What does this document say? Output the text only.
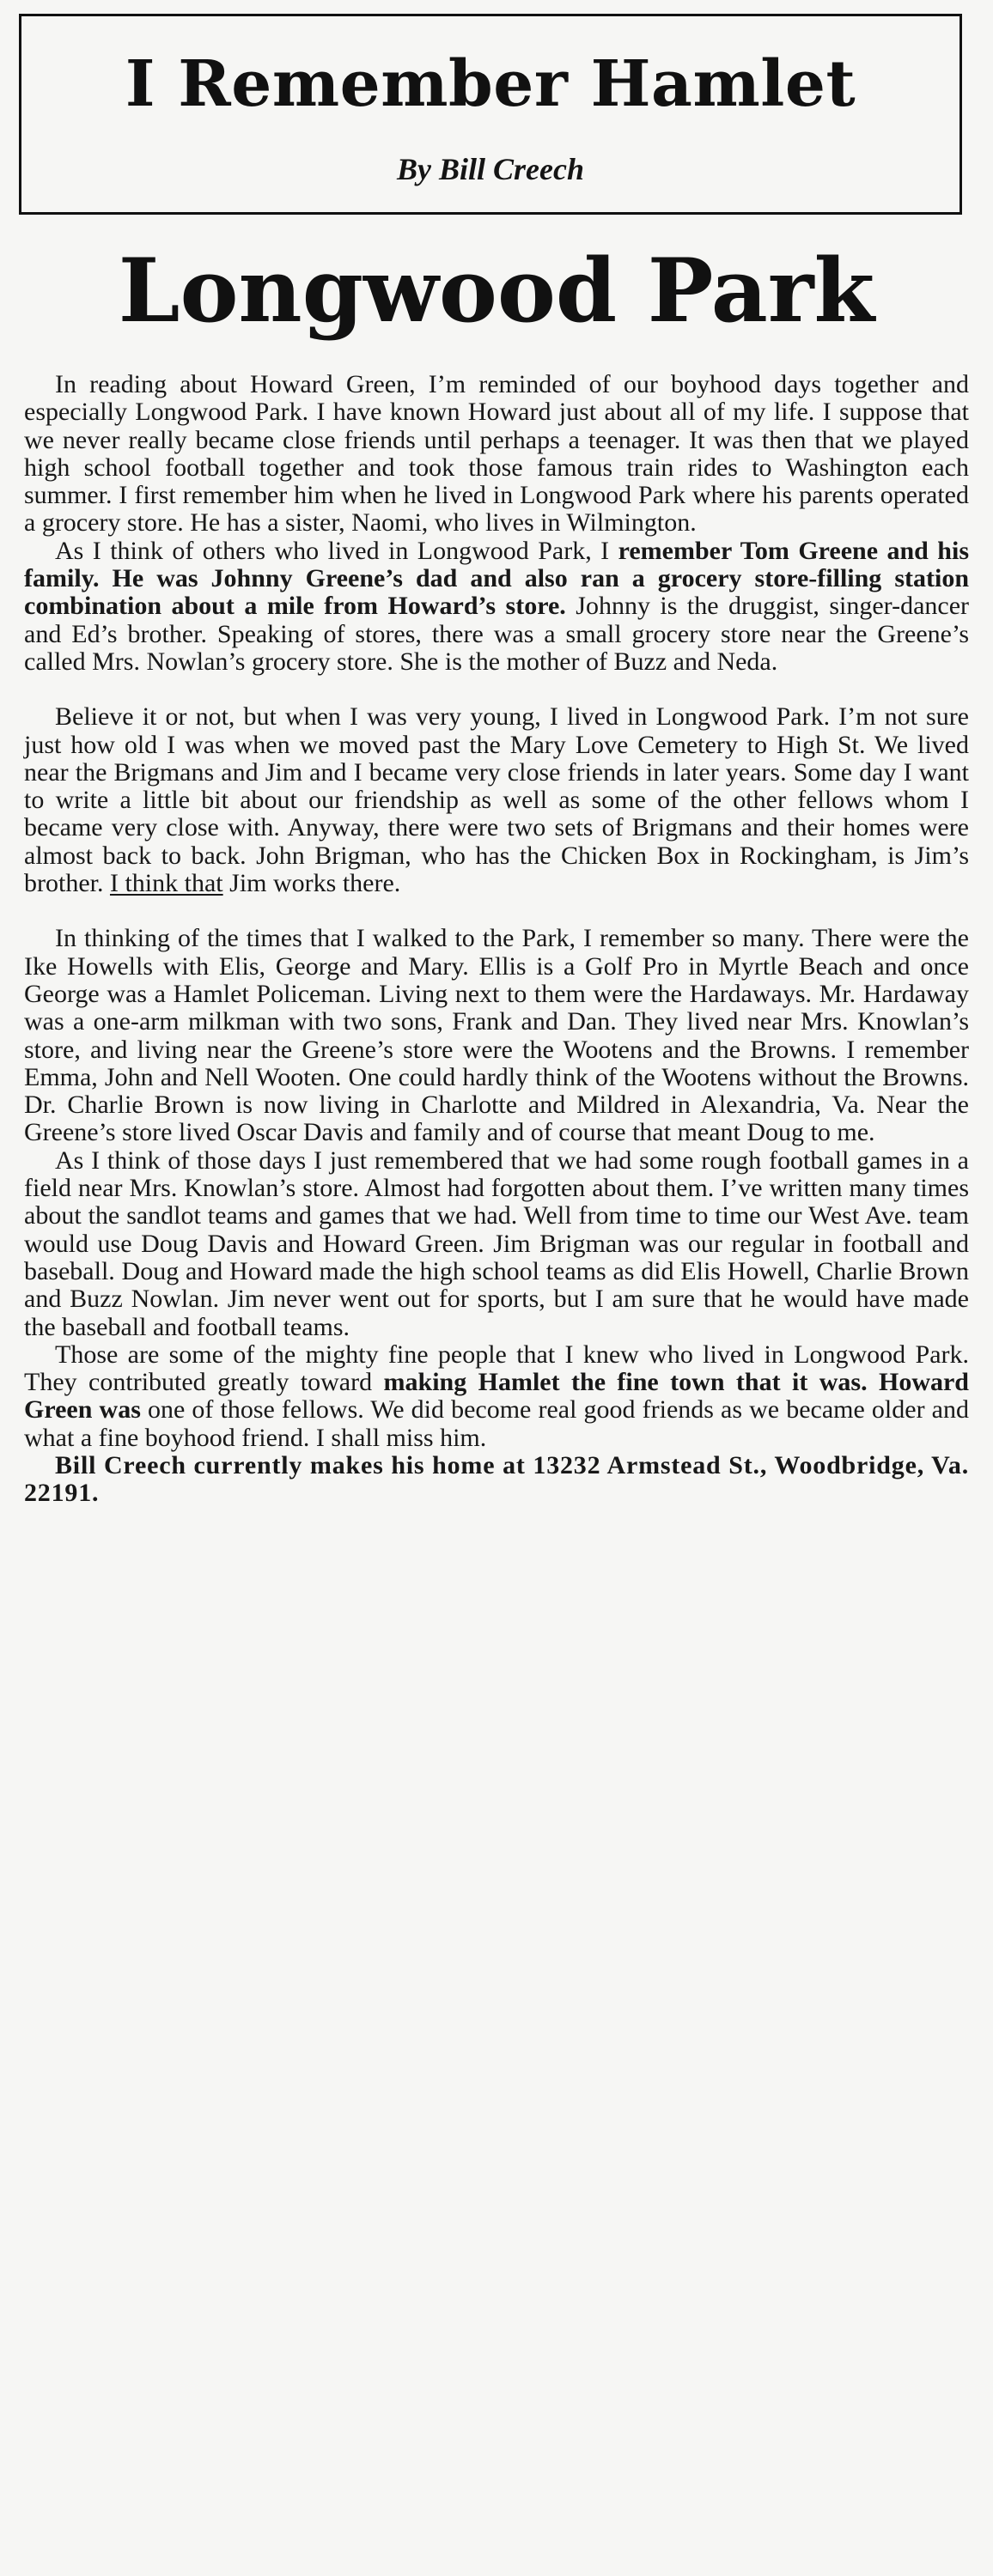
I Remember Hamlet
By Bill Creech
Longwood Park

In reading about Howard Green, I’m reminded of our boyhood days together and especially Longwood Park. I have known Howard just about all of my life. I suppose that we never really became close friends until perhaps a teenager. It was then that we played high school football together and took those famous train rides to Washington each summer. I first remember him when he lived in Longwood Park where his parents operated a grocery store. He has a sister, Naomi, who lives in Wilmington.

As I think of others who lived in Longwood Park, I remember Tom Greene and his family. He was Johnny Greene’s dad and also ran a grocery store-filling station combination about a mile from Howard’s store. Johnny is the druggist, singer-dancer and Ed’s brother. Speaking of stores, there was a small grocery store near the Greene’s called Mrs. Nowlan’s grocery store. She is the mother of Buzz and Neda.

Believe it or not, but when I was very young, I lived in Longwood Park. I’m not sure just how old I was when we moved past the Mary Love Cemetery to High St. We lived near the Brigmans and Jim and I became very close friends in later years. Some day I want to write a little bit about our friendship as well as some of the other fellows whom I became very close with. Anyway, there were two sets of Brigmans and their homes were almost back to back. John Brigman, who has the Chicken Box in Rockingham, is Jim’s brother. I think that Jim works there.

In thinking of the times that I walked to the Park, I remember so many. There were the Ike Howells with Elis, George and Mary. Ellis is a Golf Pro in Myrtle Beach and once George was a Hamlet Policeman. Living next to them were the Hardaways. Mr. Hardaway was a one-arm milkman with two sons, Frank and Dan. They lived near Mrs. Knowlan’s store, and living near the Greene’s store were the Wootens and the Browns. I remember Emma, John and Nell Wooten. One could hardly think of the Wootens without the Browns. Dr. Charlie Brown is now living in Charlotte and Mildred in Alexandria, Va. Near the Greene’s store lived Oscar Davis and family and of course that meant Doug to me.

As I think of those days I just remembered that we had some rough football games in a field near Mrs. Knowlan’s store. Almost had forgotten about them. I’ve written many times about the sandlot teams and games that we had. Well from time to time our West Ave. team would use Doug Davis and Howard Green. Jim Brigman was our regular in football and baseball. Doug and Howard made the high school teams as did Elis Howell, Charlie Brown and Buzz Nowlan. Jim never went out for sports, but I am sure that he would have made the baseball and football teams.

Those are some of the mighty fine people that I knew who lived in Longwood Park. They contributed greatly toward making Hamlet the fine town that it was. Howard Green was one of those fellows. We did become real good friends as we became older and what a fine boyhood friend. I shall miss him.

Bill Creech currently makes his home at 13232 Armstead St., Woodbridge, Va. 22191.
